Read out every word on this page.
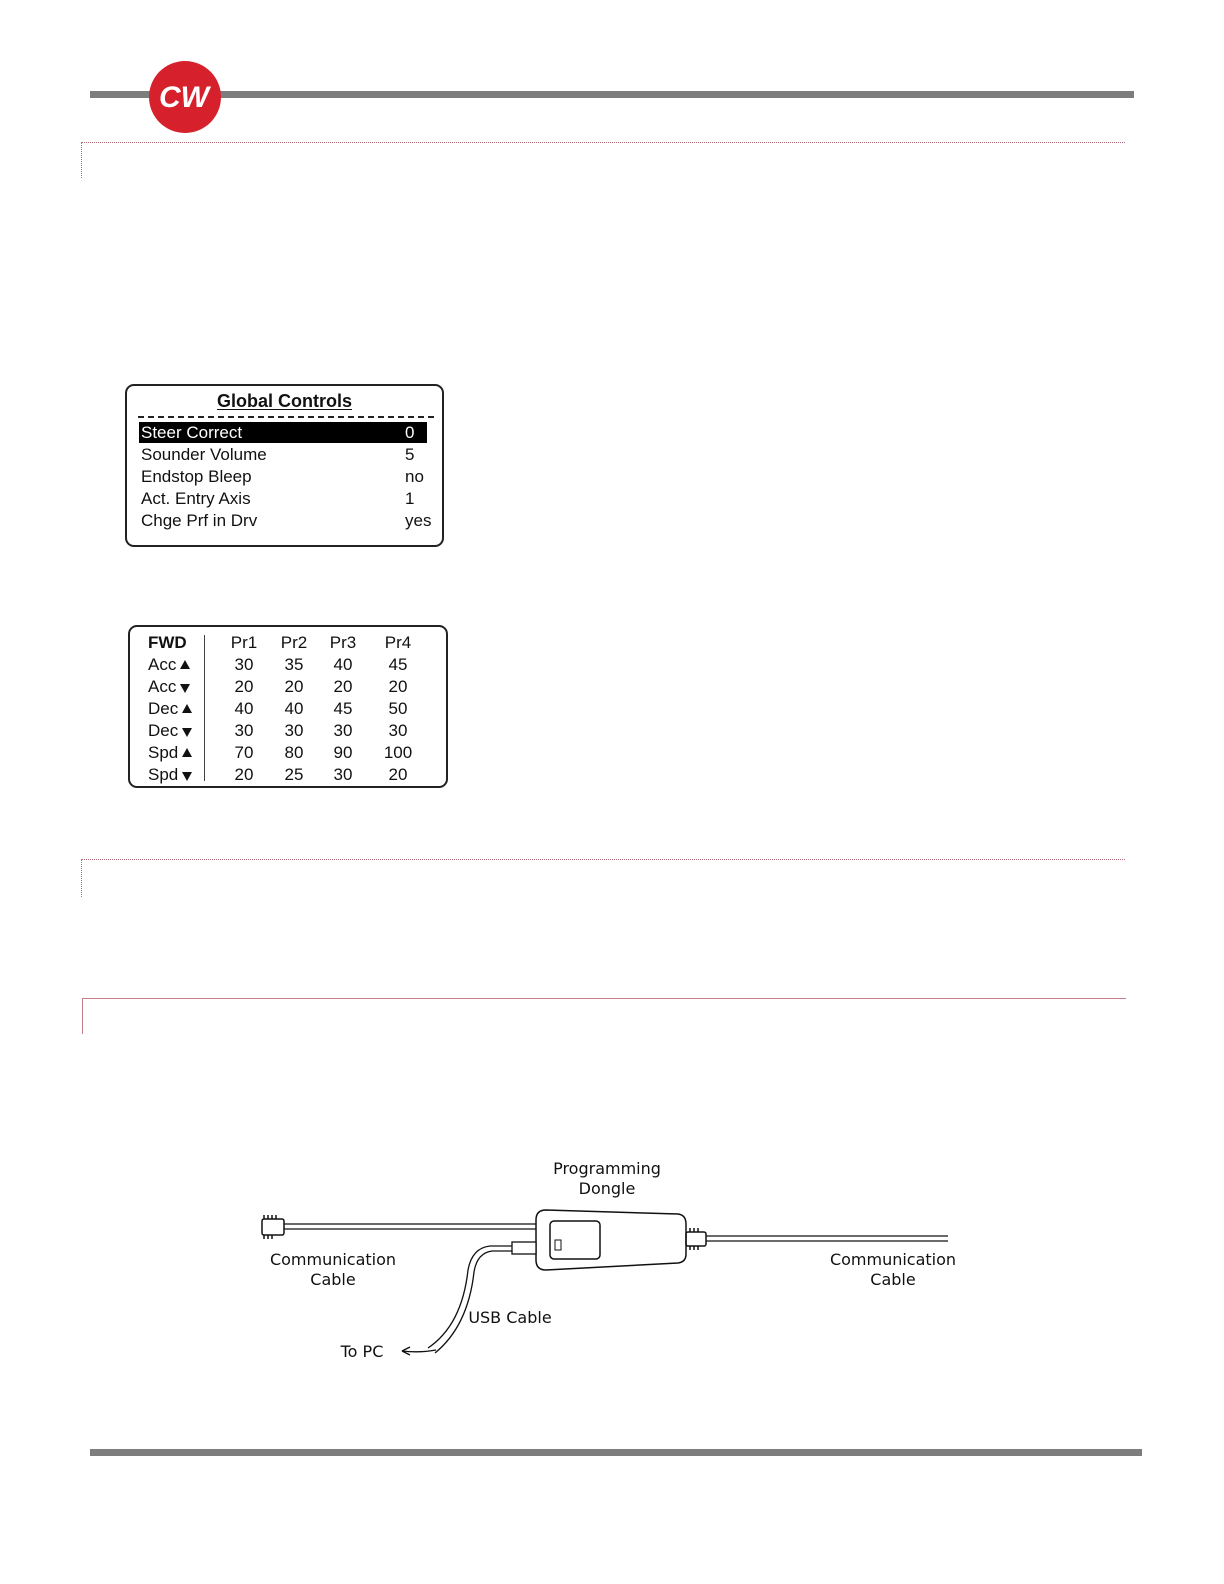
CW
Global Controls
Steer Correct	0
Sounder Volume	5
Endstop Bleep	no
Act. Entry Axis	1
Chge Prf in Drv	yes
FWD	Pr1 Pr2 Pr3 Pr4
Acc	30	35	40	45
Acc	20	20	20	20
Dec	40	40	45	50
Dec	30	30	30	30
Spd	70	80	90	100
Spd	20	25	30	20
Programming
Dongle
Communication
Cable
Communication
Cable
USB Cable
To PC
